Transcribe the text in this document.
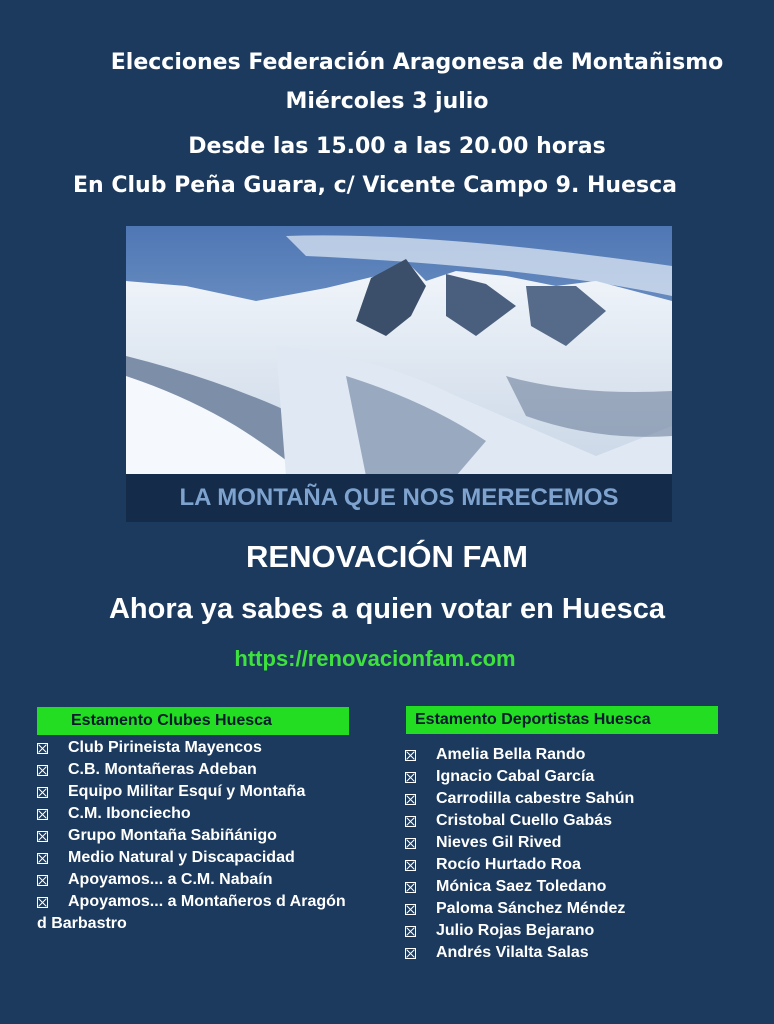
Elecciones Federación Aragonesa de Montañismo
Miércoles 3 julio
Desde las 15.00 a las 20.00 horas
En Club Peña Guara, c/ Vicente Campo 9. Huesca
LA MONTAÑA QUE NOS MERECEMOS
RENOVACIÓN FAM
Ahora ya sabes a quien votar en Huesca
https://renovacionfam.com
Estamento Clubes Huesca
Club Pirineista Mayencos
C.B. Montañeras Adeban
Equipo Militar Esquí y Montaña
C.M. Ibonciecho
Grupo Montaña Sabiñánigo
Medio Natural y Discapacidad
Apoyamos... a C.M. Nabaín
Apoyamos... a Montañeros d Aragón
d Barbastro
Estamento Deportistas Huesca
Amelia Bella Rando
Ignacio Cabal García
Carrodilla cabestre Sahún
Cristobal Cuello Gabás
Nieves Gil Rived
Rocío Hurtado Roa
Mónica Saez Toledano
Paloma Sánchez Méndez
Julio Rojas Bejarano
Andrés Vilalta Salas
